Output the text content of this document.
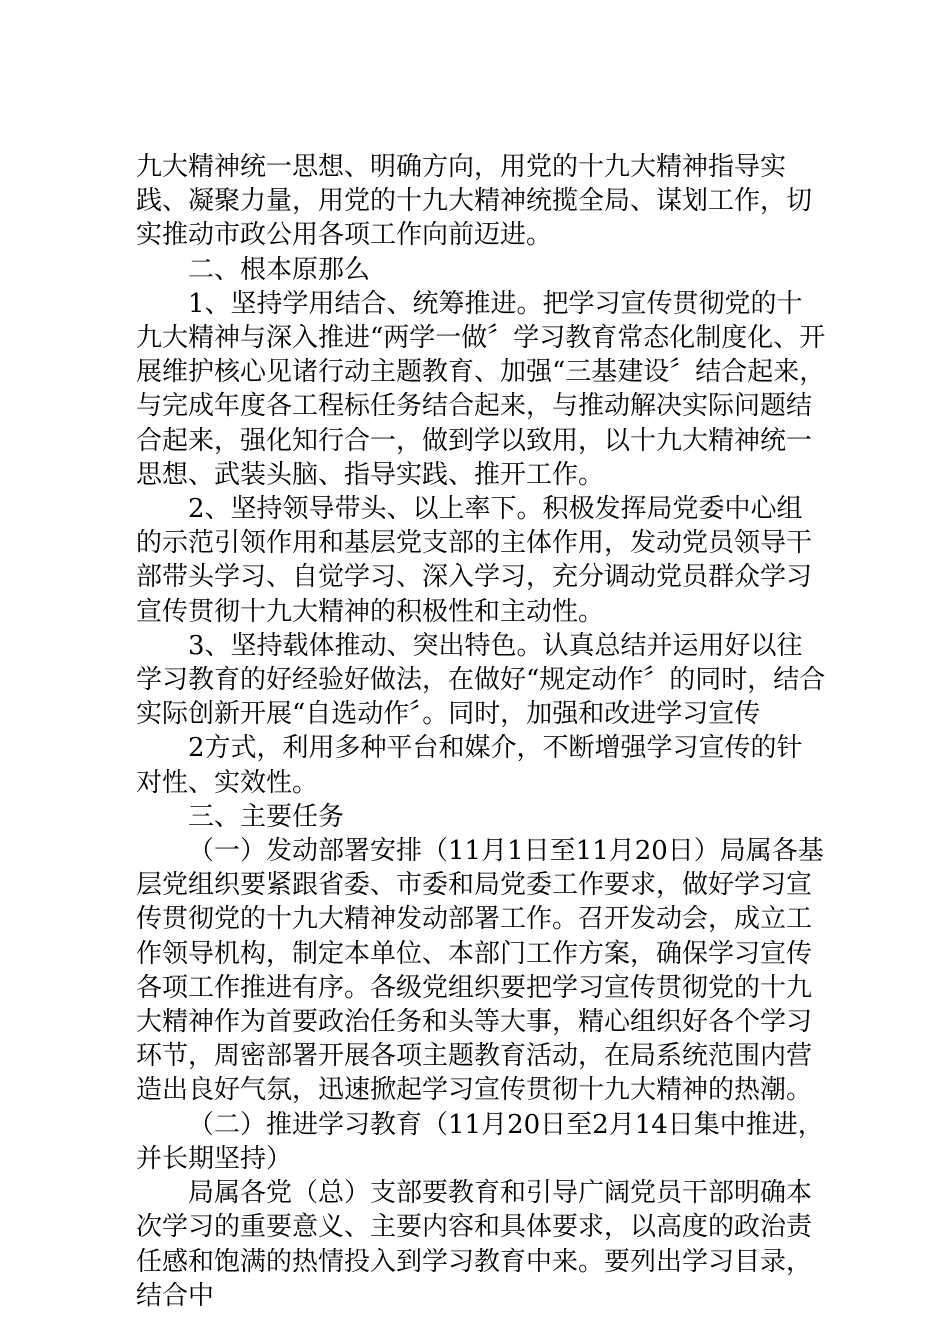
九大精神统一思想、明确方向，用党的十九大精神指导实践、凝聚力量，用党的十九大精神统揽全局、谋划工作，切实推动市政公用各项工作向前迈进。

二、根本原那么

1、坚持学用结合、统筹推进。把学习宣传贯彻党的十九大精神与深入推进“两学一做〞学习教育常态化制度化、开展维护核心见诸行动主题教育、加强“三基建设〞结合起来，与完成年度各工程标任务结合起来，与推动解决实际问题结合起来，强化知行合一，做到学以致用，以十九大精神统一思想、武装头脑、指导实践、推开工作。

2、坚持领导带头、以上率下。积极发挥局党委中心组的示范引领作用和基层党支部的主体作用，发动党员领导干部带头学习、自觉学习、深入学习，充分调动党员群众学习宣传贯彻十九大精神的积极性和主动性。

3、坚持载体推动、突出特色。认真总结并运用好以往学习教育的好经验好做法，在做好“规定动作〞的同时，结合实际创新开展“自选动作〞。同时，加强和改进学习宣传

2方式，利用多种平台和媒介，不断增强学习宣传的针对性、实效性。

三、主要任务

（一）发动部署安排（11月1日至11月20日）局属各基层党组织要紧跟省委、市委和局党委工作要求，做好学习宣传贯彻党的十九大精神发动部署工作。召开发动会，成立工作领导机构，制定本单位、本部门工作方案，确保学习宣传各项工作推进有序。各级党组织要把学习宣传贯彻党的十九大精神作为首要政治任务和头等大事，精心组织好各个学习环节，周密部署开展各项主题教育活动，在局系统范围内营造出良好气氛，迅速掀起学习宣传贯彻十九大精神的热潮。

（二）推进学习教育（11月20日至2月14日集中推进，并长期坚持）

局属各党（总）支部要教育和引导广阔党员干部明确本次学习的重要意义、主要内容和具体要求，以高度的政治责任感和饱满的热情投入到学习教育中来。要列出学习目录，结合中
